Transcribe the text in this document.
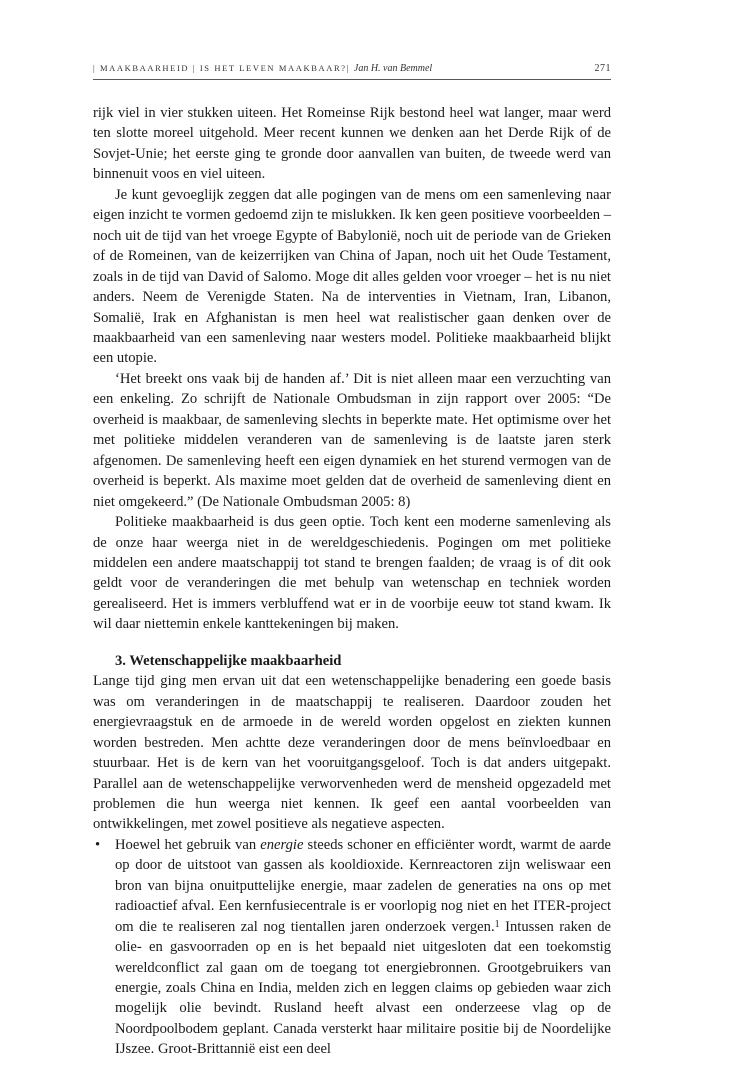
| MAAKBAARHEID | IS HET LEVEN MAAKBAAR?| Jan H. van Bemmel	271

rijk viel in vier stukken uiteen. Het Romeinse Rijk bestond heel wat langer, maar werd ten slotte moreel uitgehold. Meer recent kunnen we denken aan het Derde Rijk of de Sovjet-Unie; het eerste ging te gronde door aanvallen van buiten, de tweede werd van binnenuit voos en viel uiteen.

Je kunt gevoeglijk zeggen dat alle pogingen van de mens om een samenleving naar eigen inzicht te vormen gedoemd zijn te mislukken. Ik ken geen positieve voorbeelden – noch uit de tijd van het vroege Egypte of Babylonië, noch uit de periode van de Grieken of de Romeinen, van de keizerrijken van China of Japan, noch uit het Oude Testament, zoals in de tijd van David of Salomo. Moge dit alles gelden voor vroeger – het is nu niet anders. Neem de Verenigde Staten. Na de interventies in Vietnam, Iran, Libanon, Somalië, Irak en Afghanistan is men heel wat realistischer gaan denken over de maakbaarheid van een samenleving naar westers model. Politieke maakbaarheid blijkt een utopie.

‘Het breekt ons vaak bij de handen af.’ Dit is niet alleen maar een verzuchting van een enkeling. Zo schrijft de Nationale Ombudsman in zijn rapport over 2005: “De overheid is maakbaar, de samenleving slechts in beperkte mate. Het optimisme over het met politieke middelen veranderen van de samenleving is de laatste jaren sterk afgenomen. De samenleving heeft een eigen dynamiek en het sturend vermogen van de overheid is beperkt. Als maxime moet gelden dat de overheid de samenleving dient en niet omgekeerd.” (De Nationale Ombudsman 2005: 8)

Politieke maakbaarheid is dus geen optie. Toch kent een moderne samenleving als de onze haar weerga niet in de wereldgeschiedenis. Pogingen om met politieke middelen een andere maatschappij tot stand te brengen faalden; de vraag is of dit ook geldt voor de veranderingen die met behulp van wetenschap en techniek worden gerealiseerd. Het is immers verbluffend wat er in de voorbije eeuw tot stand kwam. Ik wil daar niettemin enkele kanttekeningen bij maken.

3. Wetenschappelijke maakbaarheid

Lange tijd ging men ervan uit dat een wetenschappelijke benadering een goede basis was om veranderingen in de maatschappij te realiseren. Daardoor zouden het energievraagstuk en de armoede in de wereld worden opgelost en ziekten kunnen worden bestreden. Men achtte deze veranderingen door de mens beïnvloedbaar en stuurbaar. Het is de kern van het vooruitgangsgeloof. Toch is dat anders uitgepakt. Parallel aan de wetenschappelijke verworvenheden werd de mensheid opgezadeld met problemen die hun weerga niet kennen. Ik geef een aantal voorbeelden van ontwikkelingen, met zowel positieve als negatieve aspecten.

• Hoewel het gebruik van energie steeds schoner en efficiënter wordt, warmt de aarde op door de uitstoot van gassen als kooldioxide. Kernreactoren zijn weliswaar een bron van bijna onuitputtelijke energie, maar zadelen de generaties na ons op met radioactief afval. Een kernfusiecentrale is er voorlopig nog niet en het ITER-project om die te realiseren zal nog tientallen jaren onderzoek vergen.$^1$ Intussen raken de olie- en gasvoorraden op en is het bepaald niet uitgesloten dat een toekomstig wereldconflict zal gaan om de toegang tot energiebronnen. Grootgebruikers van energie, zoals China en India, melden zich en leggen claims op gebieden waar zich mogelijk olie bevindt. Rusland heeft alvast een onderzeese vlag op de Noordpoolbodem geplant. Canada versterkt haar militaire positie bij de Noordelijke IJszee. Groot-Brittannië eist een deel
